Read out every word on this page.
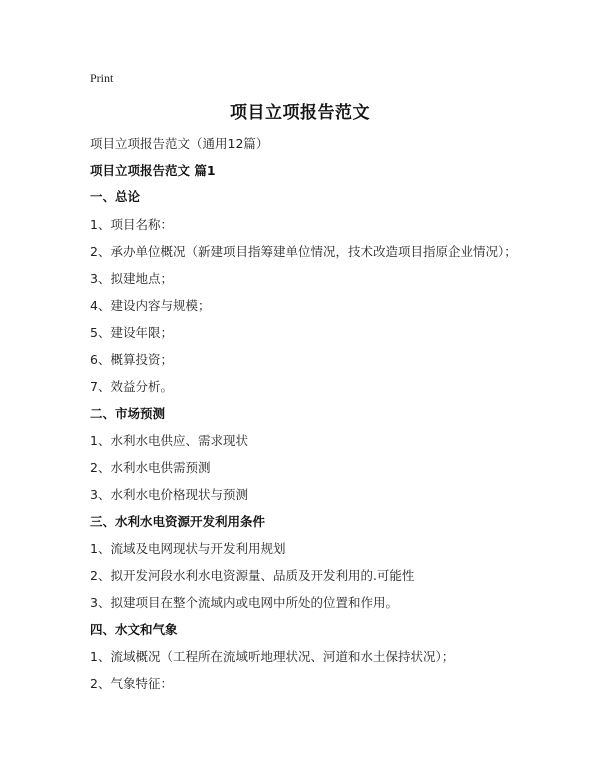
Print
项目立项报告范文
项目立项报告范文（通用12篇）
项目立项报告范文 篇1
一、总论
1、项目名称：
2、承办单位概况（新建项目指筹建单位情况，技术改造项目指原企业情况）；
3、拟建地点；
4、建设内容与规模；
5、建设年限；
6、概算投资；
7、效益分析。
二、市场预测
1、水利水电供应、需求现状
2、水利水电供需预测
3、水利水电价格现状与预测
三、水利水电资源开发利用条件
1、流域及电网现状与开发利用规划
2、拟开发河段水利水电资源量、品质及开发利用的.可能性
3、拟建项目在整个流域内或电网中所处的位置和作用。
四、水文和气象
1、流域概况（工程所在流域听地理状况、河道和水土保持状况）；
2、气象特征：
